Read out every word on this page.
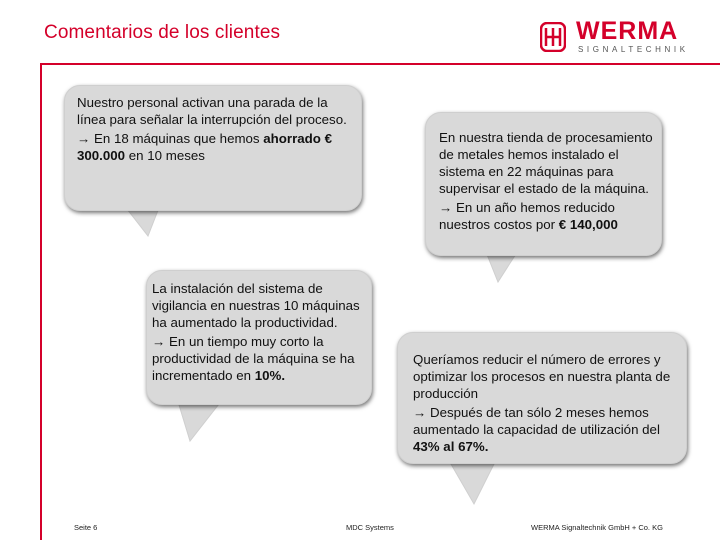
Comentarios de los clientes	WERMA
SIGNALTECHNIK

Nuestro personal activan una parada de la línea para señalar la interrupción del proceso.

→ En 18 máquinas que hemos ahorrado € 300.000 en 10 meses

En nuestra tienda de procesamiento de metales hemos instalado el sistema en 22 máquinas para supervisar el estado de la máquina.

→ En un año hemos reducido nuestros costos por € 140,000

La instalación del sistema de vigilancia en nuestras 10 máquinas ha aumentado la productividad.

→ En un tiempo muy corto la productividad de la máquina se ha incrementado en 10%.

Queríamos reducir el número de errores y optimizar los procesos en nuestra planta de producción

→ Después de tan sólo 2 meses hemos aumentado la capacidad de utilización del 43% al 67%.

Seite 6	MDC Systems	WERMA Signaltechnik GmbH + Co. KG
